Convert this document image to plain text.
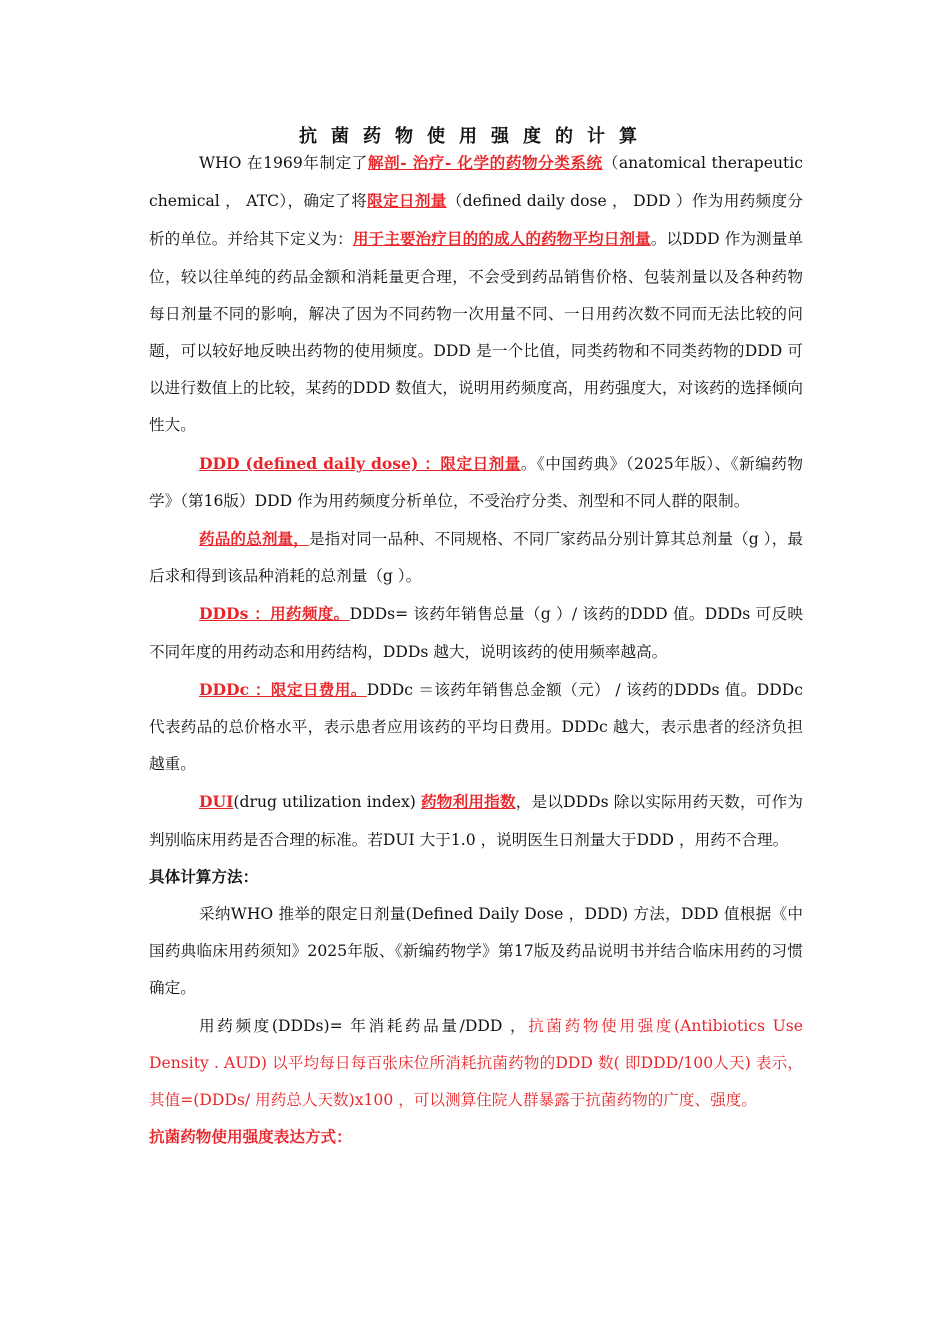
抗菌药物使用强度的计算

WHO 在1969年制定了解剖- 治疗- 化学的药物分类系统（anatomical therapeutic chemical ， ATC），确定了将限定日剂量（defined daily dose ， DDD ）作为用药频度分析的单位。并给其下定义为：用于主要治疗目的的成人的药物平均日剂量。以DDD 作为测量单位，较以往单纯的药品金额和消耗量更合理，不会受到药品销售价格、包装剂量以及各种药物每日剂量不同的影响，解决了因为不同药物一次用量不同、一日用药次数不同而无法比较的问题，可以较好地反映出药物的使用频度。DDD 是一个比值，同类药物和不同类药物的DDD 可以进行数值上的比较，某药的DDD 数值大，说明用药频度高，用药强度大，对该药的选择倾向性大。

DDD (defined daily dose) ：限定日剂量。《中国药典》（2025年版）、《新编药物学》（第16版）DDD 作为用药频度分析单位，不受治疗分类、剂型和不同人群的限制。

药品的总剂量，是指对同一品种、不同规格、不同厂家药品分别计算其总剂量（g ），最后求和得到该品种消耗的总剂量（g ）。

DDDs ：用药频度。DDDs= 该药年销售总量（g ）/ 该药的DDD 值。DDDs 可反映不同年度的用药动态和用药结构，DDDs 越大，说明该药的使用频率越高。

DDDc ：限定日费用。DDDc ＝该药年销售总金额（元） / 该药的DDDs 值。DDDc 代表药品的总价格水平，表示患者应用该药的平均日费用。DDDc 越大，表示患者的经济负担越重。

DUI(drug utilization index) 药物利用指数，是以DDDs 除以实际用药天数，可作为判别临床用药是否合理的标准。若DUI 大于1.0 ，说明医生日剂量大于DDD ，用药不合理。

具体计算方法：

采纳WHO 推举的限定日剂量(Defined Daily Dose ，DDD) 方法，DDD 值根据《中国药典临床用药须知》2025年版、《新编药物学》第17版及药品说明书并结合临床用药的习惯确定。

用药频度(DDDs)= 年消耗药品量/DDD ，抗菌药物使用强度(Antibiotics Use Density . AUD) 以平均每日每百张床位所消耗抗菌药物的DDD 数( 即DDD/100人天) 表示，其值=(DDDs/ 用药总人天数)x100 ，可以测算住院人群暴露于抗菌药物的广度、强度。

抗菌药物使用强度表达方式：
